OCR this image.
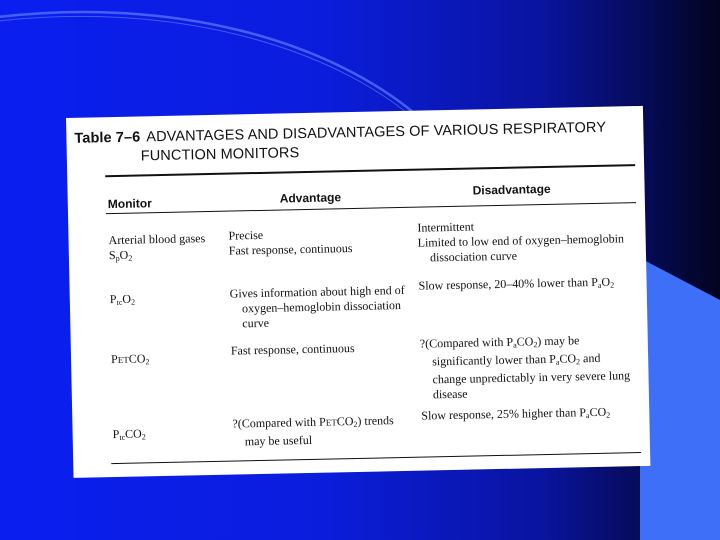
Table 7–6 ADVANTAGES AND DISADVANTAGES OF VARIOUS RESPIRATORY
FUNCTION MONITORS
Monitor	Advantage
Disadvantage
Arterial blood gases
$S_pO_2$
Precise
Fast response, continuous
Intermittent
Limited to low end of oxygen–hemoglobin
dissociation curve
$P_{tc}O_2$
Gives information about high end of
oxygen–hemoglobin dissociation
curve
Slow response, 20–40% lower than $P_aO_2$
$PETCO_2$
Fast response, continuous	?(Compared with $P_aCO_2$) may be
significantly lower than $P_aCO_2$ and
change unpredictably in very severe lung
disease
$P_{tc}CO_2$
?(Compared with $PETCO_2$) trends
may be useful
Slow response, 25% higher than $P_aCO_2$
